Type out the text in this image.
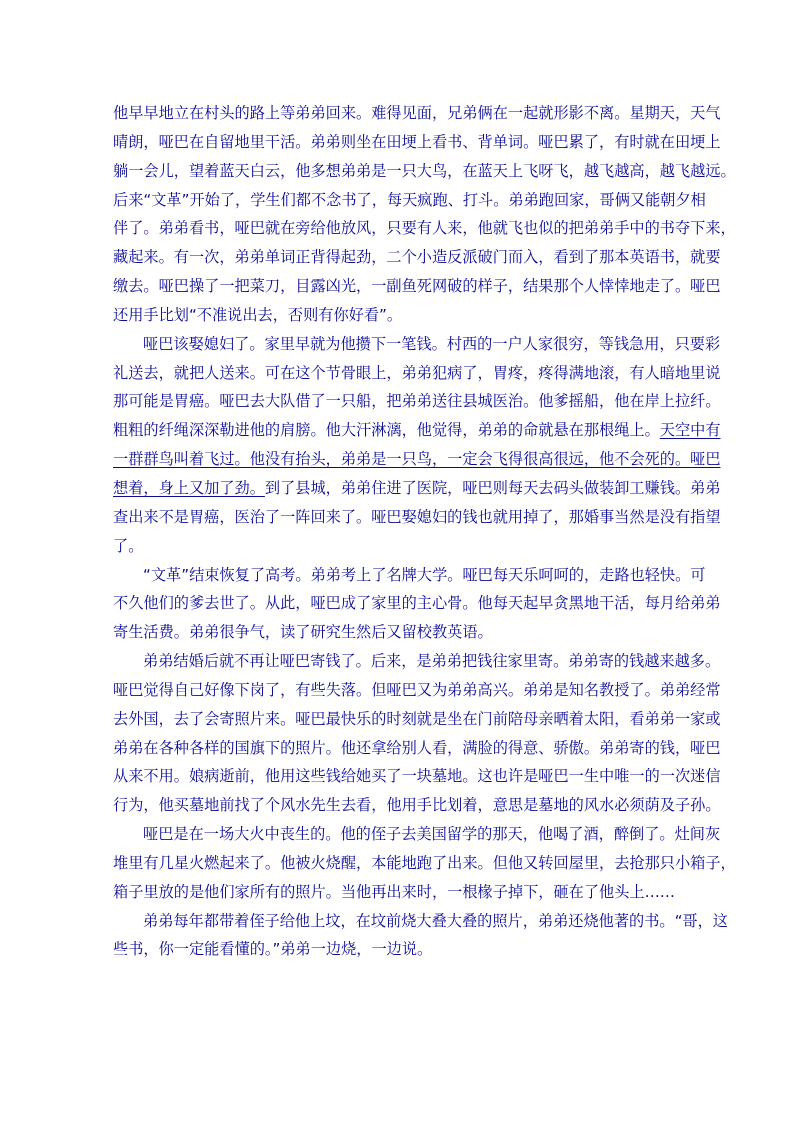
他早早地立在村头的路上等弟弟回来。难得见面，兄弟俩在一起就形影不离。星期天，天气
晴朗，哑巴在自留地里干活。弟弟则坐在田埂上看书、背单词。哑巴累了，有时就在田埂上
躺一会儿，望着蓝天白云，他多想弟弟是一只大鸟，在蓝天上飞呀飞，越飞越高，越飞越远。
后来“文革”开始了，学生们都不念书了，每天疯跑、打斗。弟弟跑回家，哥俩又能朝夕相
伴了。弟弟看书，哑巴就在旁给他放风，只要有人来，他就飞也似的把弟弟手中的书夺下来，
藏起来。有一次，弟弟单词正背得起劲，二个小造反派破门而入，看到了那本英语书，就要
缴去。哑巴操了一把菜刀，目露凶光，一副鱼死网破的样子，结果那个人悻悻地走了。哑巴
还用手比划“不准说出去，否则有你好看”。
哑巴该娶媳妇了。家里早就为他攒下一笔钱。村西的一户人家很穷，等钱急用，只要彩
礼送去，就把人送来。可在这个节骨眼上，弟弟犯病了，胃疼，疼得满地滚，有人暗地里说
那可能是胃癌。哑巴去大队借了一只船，把弟弟送往县城医治。他爹摇船，他在岸上拉纤。
粗粗的纤绳深深勒进他的肩膀。他大汗淋漓，他觉得，弟弟的命就悬在那根绳上。天空中有
一群群鸟叫着飞过。他没有抬头，弟弟是一只鸟，一定会飞得很高很远，他不会死的。哑巴
想着，身上又加了劲。到了县城，弟弟住进了医院，哑巴则每天去码头做装卸工赚钱。弟弟
查出来不是胃癌，医治了一阵回来了。哑巴娶媳妇的钱也就用掉了，那婚事当然是没有指望
了。
“文革”结束恢复了高考。弟弟考上了名牌大学。哑巴每天乐呵呵的，走路也轻快。可
不久他们的爹去世了。从此，哑巴成了家里的主心骨。他每天起早贪黑地干活，每月给弟弟
寄生活费。弟弟很争气，读了研究生然后又留校教英语。
弟弟结婚后就不再让哑巴寄钱了。后来，是弟弟把钱往家里寄。弟弟寄的钱越来越多。
哑巴觉得自己好像下岗了，有些失落。但哑巴又为弟弟高兴。弟弟是知名教授了。弟弟经常
去外国，去了会寄照片来。哑巴最快乐的时刻就是坐在门前陪母亲晒着太阳，看弟弟一家或
弟弟在各种各样的国旗下的照片。他还拿给别人看，满脸的得意、骄傲。弟弟寄的钱，哑巴
从来不用。娘病逝前，他用这些钱给她买了一块墓地。这也许是哑巴一生中唯一的一次迷信
行为，他买墓地前找了个风水先生去看，他用手比划着，意思是墓地的风水必须荫及子孙。
哑巴是在一场大火中丧生的。他的侄子去美国留学的那天，他喝了酒，醉倒了。灶间灰
堆里有几星火燃起来了。他被火烧醒，本能地跑了出来。但他又转回屋里，去抢那只小箱子，
箱子里放的是他们家所有的照片。当他再出来时，一根椽子掉下，砸在了他头上……
弟弟每年都带着侄子给他上坟，在坟前烧大叠大叠的照片，弟弟还烧他著的书。“哥，这
些书，你一定能看懂的。”弟弟一边烧，一边说。
